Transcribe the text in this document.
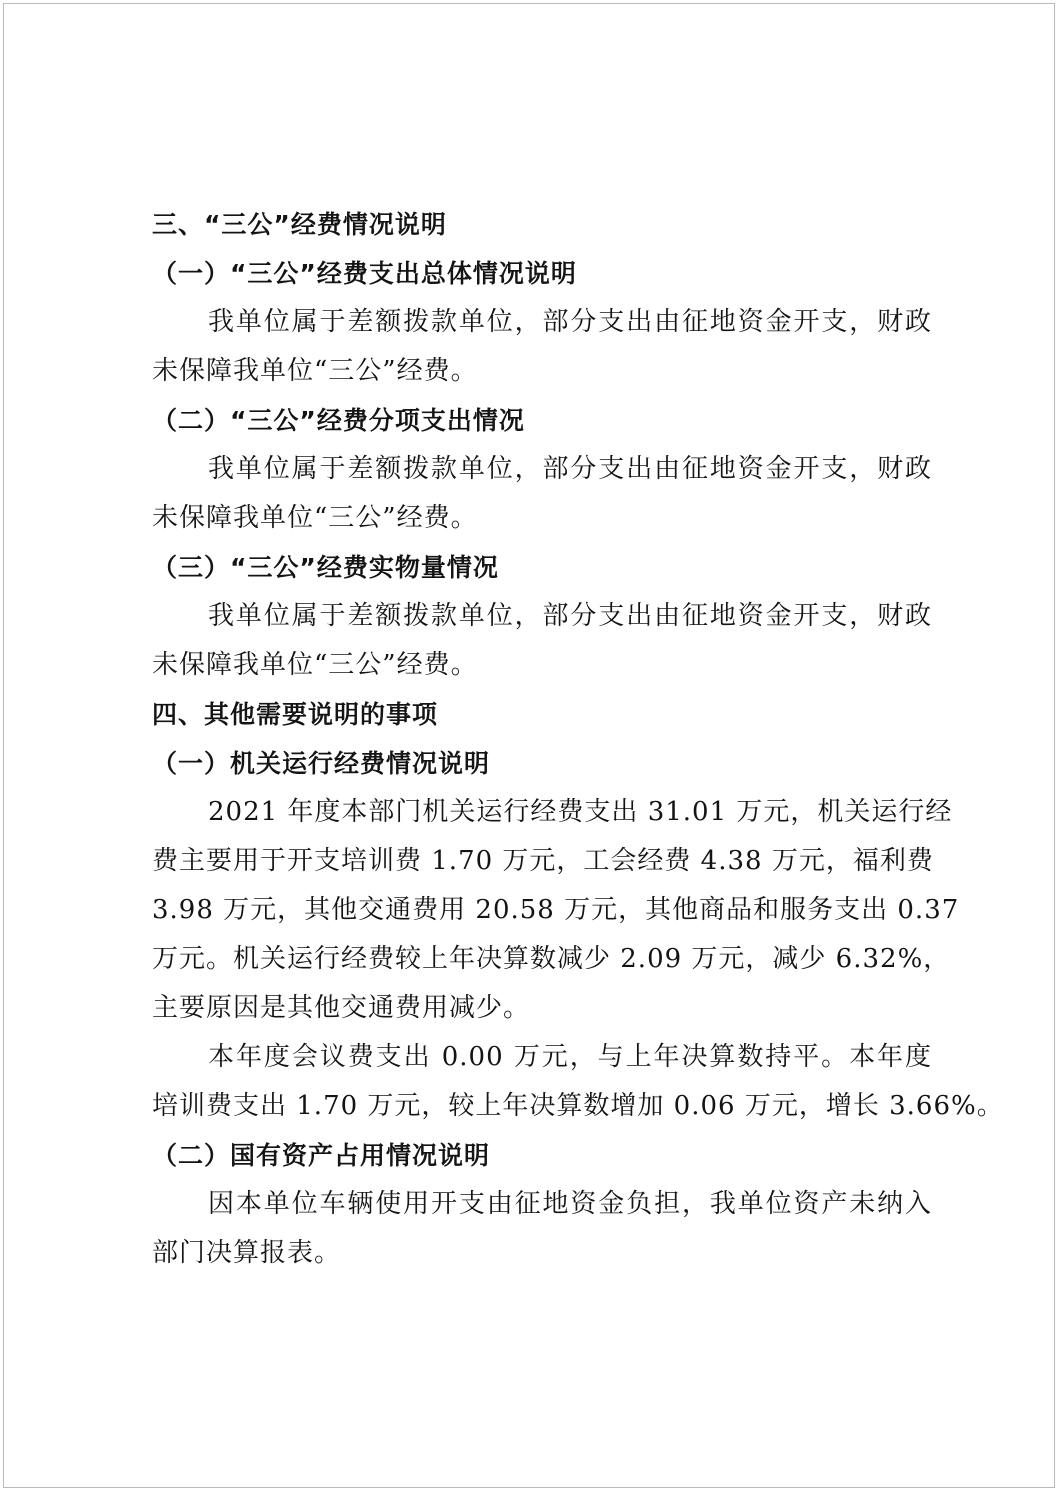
三、“三公”经费情况说明
（一）“三公”经费支出总体情况说明
我单位属于差额拨款单位，部分支出由征地资金开支，财政
未保障我单位“三公”经费。
（二）“三公”经费分项支出情况
我单位属于差额拨款单位，部分支出由征地资金开支，财政
未保障我单位“三公”经费。
（三）“三公”经费实物量情况
我单位属于差额拨款单位，部分支出由征地资金开支，财政
未保障我单位“三公”经费。
四、其他需要说明的事项
（一）机关运行经费情况说明
2021 年度本部门机关运行经费支出 31.01 万元，机关运行经
费主要用于开支培训费 1.70 万元，工会经费 4.38 万元，福利费
3.98 万元，其他交通费用 20.58 万元，其他商品和服务支出 0.37
万元。机关运行经费较上年决算数减少 2.09 万元，减少 6.32%，
主要原因是其他交通费用减少。
本年度会议费支出 0.00 万元，与上年决算数持平。本年度
培训费支出 1.70 万元，较上年决算数增加 0.06 万元，增长 3.66%。
（二）国有资产占用情况说明
因本单位车辆使用开支由征地资金负担，我单位资产未纳入
部门决算报表。
